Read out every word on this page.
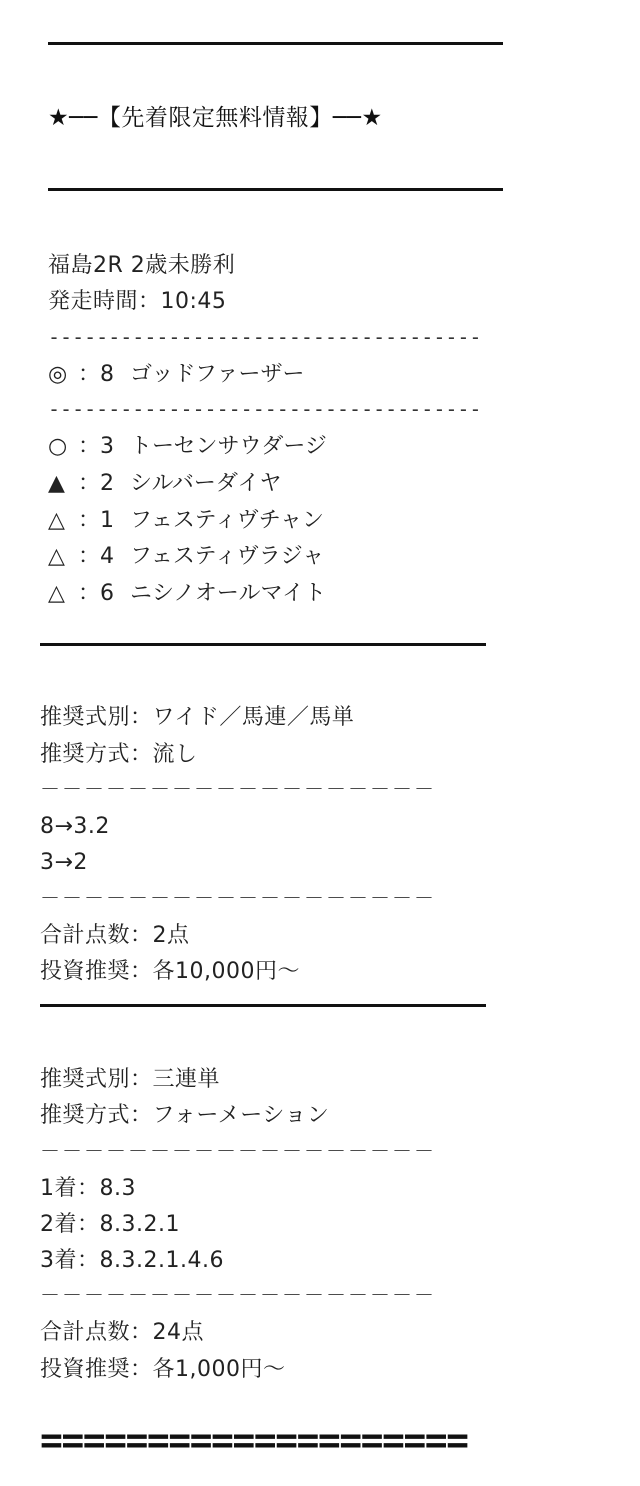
★──【先着限定無料情報】──★
福島2R 2歳未勝利
発走時間：10:45
------------------------------------
◎ ：8 ゴッドファーザー
------------------------------------
○ ：3 トーセンサウダージ
▲ ：2 シルバーダイヤ
△ ：1 フェスティヴチャン
△ ：4 フェスティヴラジャ
△ ：6 ニシノオールマイト
推奨式別：ワイド／馬連／馬単
推奨方式：流し
－－－－－－－－－－－－－－－－－－
8→3.2
3→2
－－－－－－－－－－－－－－－－－－
合計点数：2点
投資推奨：各10,000円～
推奨式別：三連単
推奨方式：フォーメーション
－－－－－－－－－－－－－－－－－－
1着：8.3
2着：8.3.2.1
3着：8.3.2.1.4.6
－－－－－－－－－－－－－－－－－－
合計点数：24点
投資推奨：各1,000円～
====================
